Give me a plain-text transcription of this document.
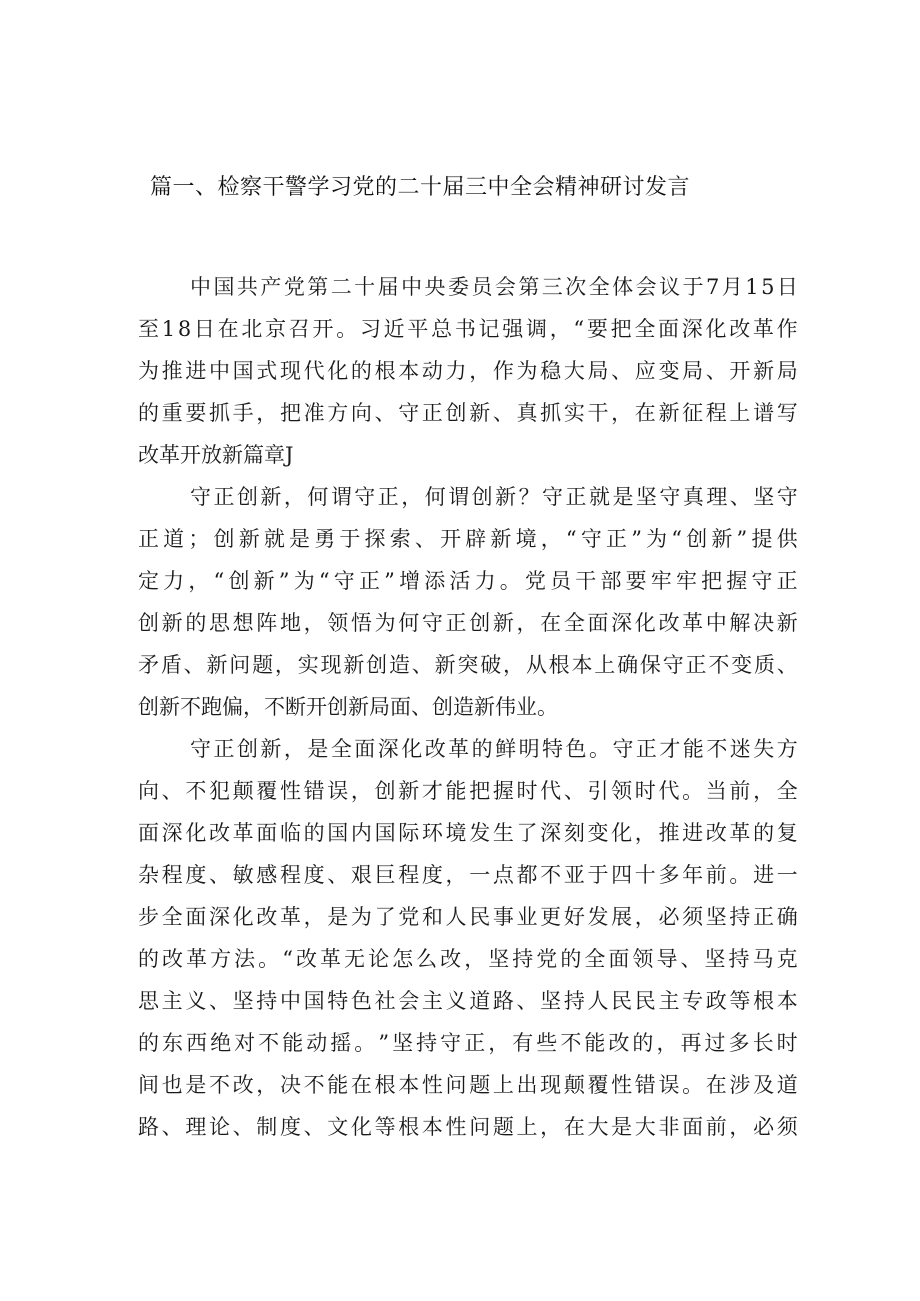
篇一、检察干警学习党的二十届三中全会精神研讨发言
中 国 共 产 党 第 二 十 届 中 央 委 员 会 第 三 次 全 体 会 议 于 7 月 1 5 日
至 1 8 日 在 北 京 召 开 。 习 近 平 总 书 记 强 调 ， “ 要 把 全 面 深 化 改 革 作
为 推 进 中 国 式 现 代 化 的 根 本 动 力 ， 作 为 稳 大 局 、 应 变 局 、 开 新 局
的 重 要 抓 手 ， 把 准 方 向 、 守 正 创 新 、 真 抓 实 干 ， 在 新 征 程 上 谱 写
改革开放新篇章J
守 正 创 新 ， 何 谓 守 正 ， 何 谓 创 新 ？ 守 正 就 是 坚 守 真 理 、 坚 守
正 道 ； 创 新 就 是 勇 于 探 索 、 开 辟 新 境 ， “ 守 正 ” 为 “ 创 新 ” 提 供
定 力 ， “ 创 新 ” 为 “ 守 正 ” 增 添 活 力 。 党 员 干 部 要 牢 牢 把 握 守 正
创 新 的 思 想 阵 地 ， 领 悟 为 何 守 正 创 新 ， 在 全 面 深 化 改 革 中 解 决 新
矛 盾 、 新 问 题 ， 实 现 新 创 造 、 新 突 破 ， 从 根 本 上 确 保 守 正 不 变 质 、
创新不跑偏，不断开创新局面、创造新伟业。
守 正 创 新 ， 是 全 面 深 化 改 革 的 鲜 明 特 色 。 守 正 才 能 不 迷 失 方
向 、 不 犯 颠 覆 性 错 误 ， 创 新 才 能 把 握 时 代 、 引 领 时 代 。 当 前 ， 全
面 深 化 改 革 面 临 的 国 内 国 际 环 境 发 生 了 深 刻 变 化 ， 推 进 改 革 的 复
杂 程 度 、 敏 感 程 度 、 艰 巨 程 度 ， 一 点 都 不 亚 于 四 十 多 年 前 。 进 一
步 全 面 深 化 改 革 ， 是 为 了 党 和 人 民 事 业 更 好 发 展 ， 必 须 坚 持 正 确
的 改 革 方 法 。 “ 改 革 无 论 怎 么 改 ， 坚 持 党 的 全 面 领 导 、 坚 持 马 克
思 主 义 、 坚 持 中 国 特 色 社 会 主 义 道 路 、 坚 持 人 民 民 主 专 政 等 根 本
的 东 西 绝 对 不 能 动 摇 。 ” 坚 持 守 正 ， 有 些 不 能 改 的 ， 再 过 多 长 时
间 也 是 不 改 ， 决 不 能 在 根 本 性 问 题 上 出 现 颠 覆 性 错 误 。 在 涉 及 道
路 、 理 论 、 制 度 、 文 化 等 根 本 性 问 题 上 ， 在 大 是 大 非 面 前 ， 必 须
